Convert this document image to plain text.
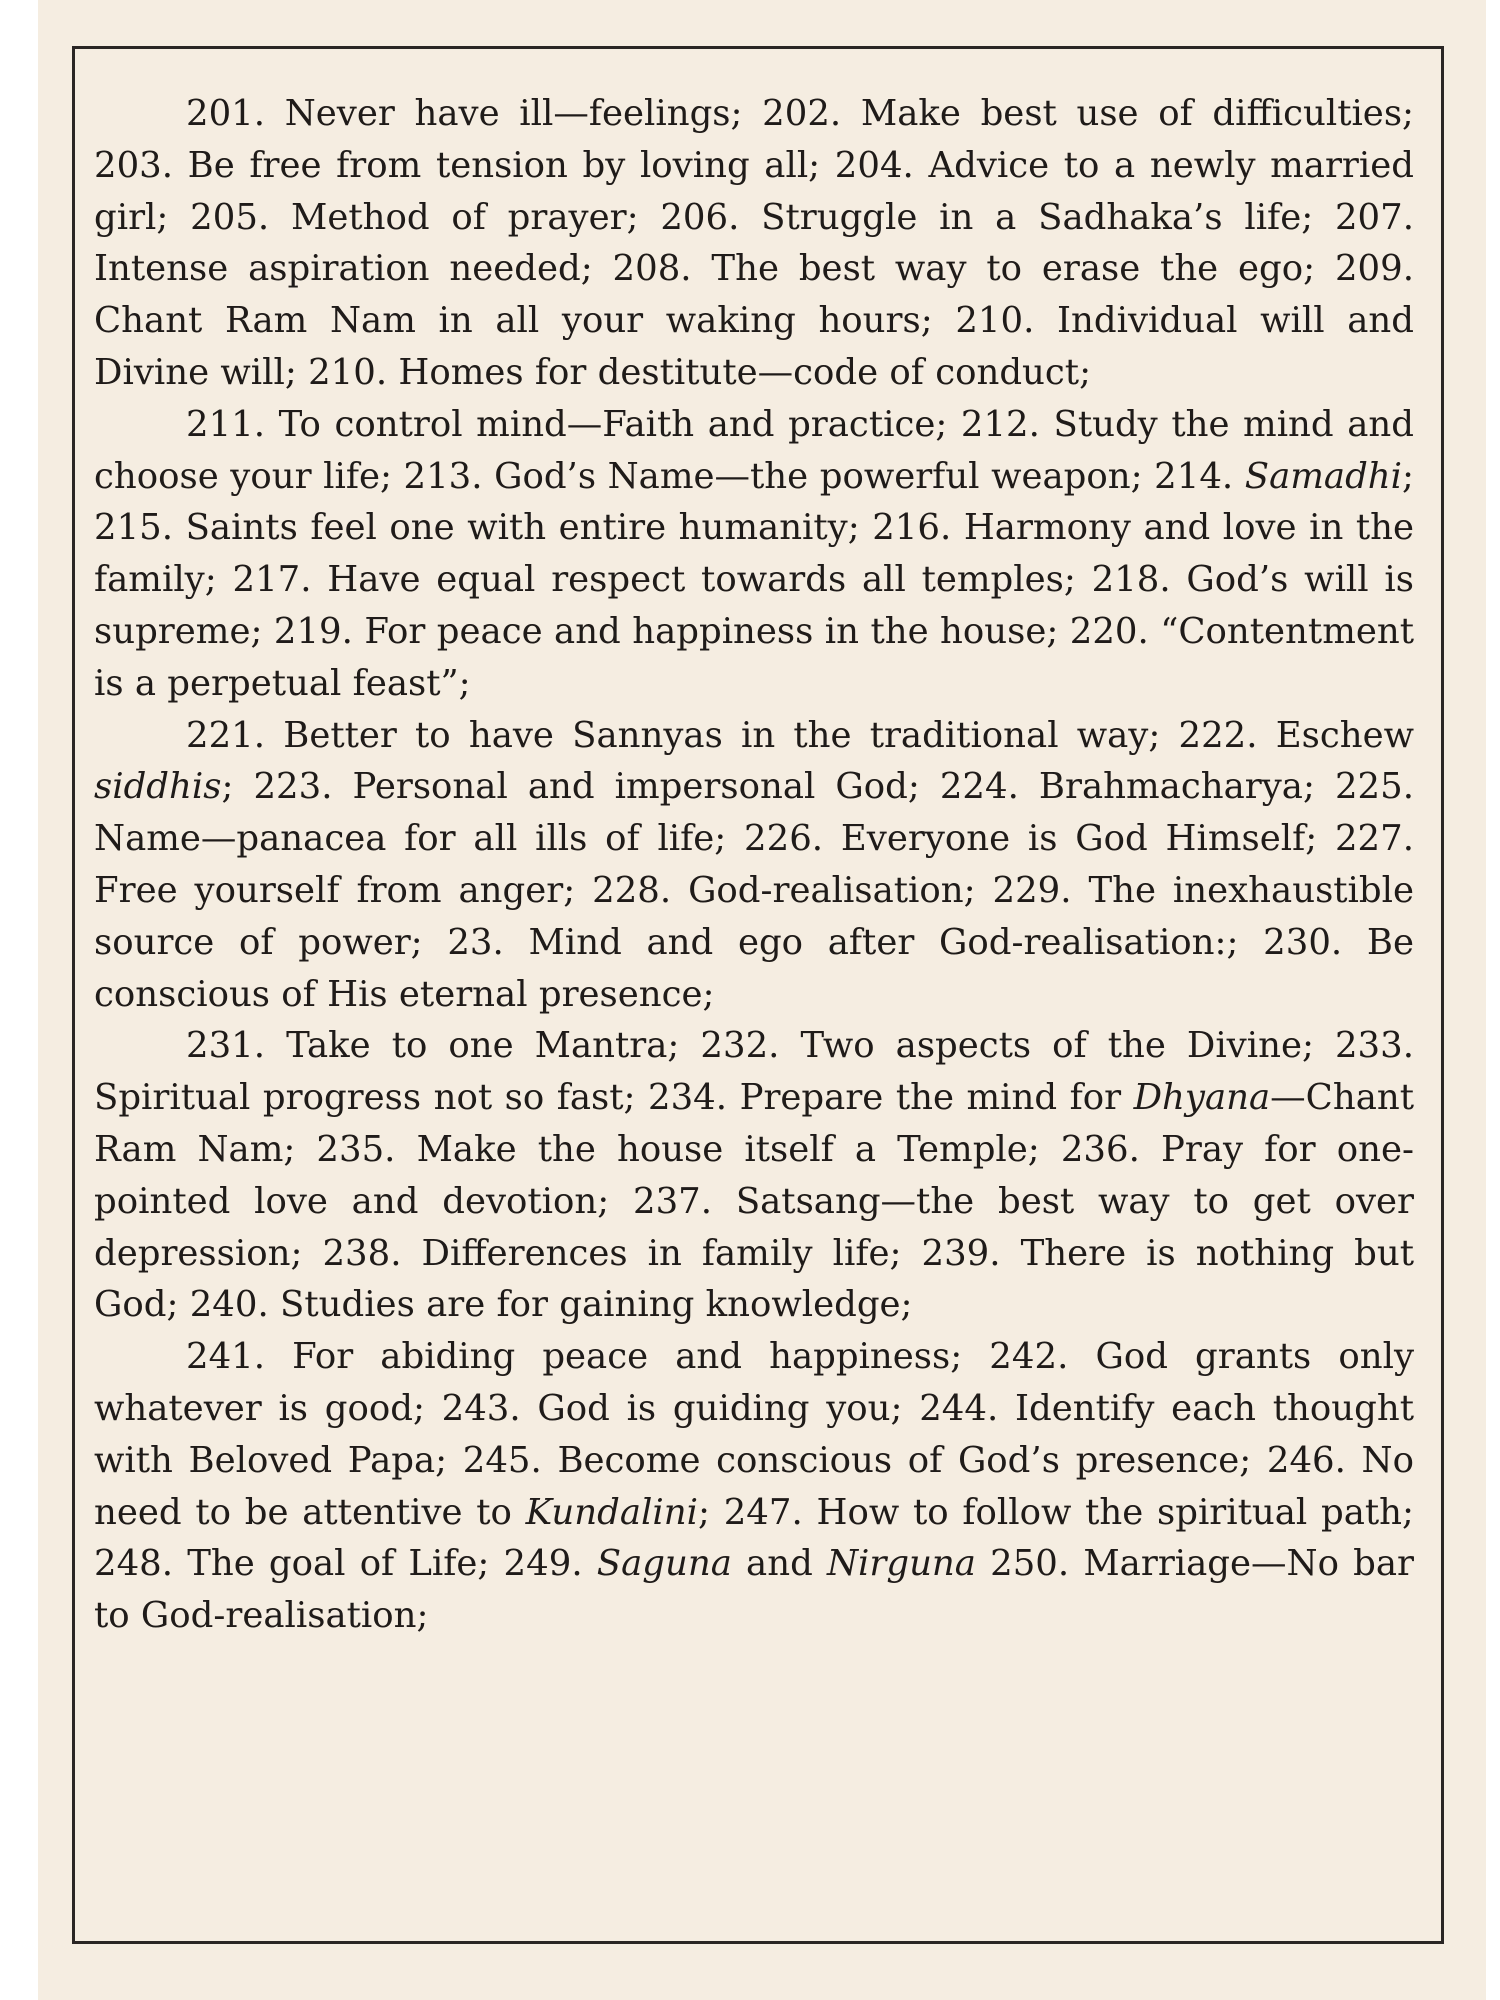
201. Never have ill—feelings; 202. Make best use of difficulties; 203. Be free from tension by loving all; 204. Advice to a newly married girl; 205. Method of prayer; 206. Struggle in a Sadhaka’s life; 207. Intense aspiration needed; 208. The best way to erase the ego; 209. Chant Ram Nam in all your waking hours; 210. Individual will and Divine will; 210. Homes for destitute—code of conduct;

211. To control mind—Faith and practice; 212. Study the mind and choose your life; 213. God’s Name—the powerful weapon; 214. Samadhi; 215. Saints feel one with entire humanity; 216. Harmony and love in the family; 217. Have equal respect towards all temples; 218. God’s will is supreme; 219. For peace and happiness in the house; 220. “Contentment is a perpetual feast”;

221. Better to have Sannyas in the traditional way; 222. Eschew siddhis; 223. Personal and impersonal God; 224. Brahmacharya; 225. Name—panacea for all ills of life; 226. Everyone is God Himself; 227. Free yourself from anger; 228. God-realisation; 229. The inexhaustible source of power; 23. Mind and ego after God-realisation:; 230. Be conscious of His eternal presence;

231. Take to one Mantra; 232. Two aspects of the Divine; 233. Spiritual progress not so fast; 234. Prepare the mind for Dhyana—Chant Ram Nam; 235. Make the house itself a Temple; 236. Pray for one-pointed love and devotion; 237. Satsang—the best way to get over depression; 238. Differences in family life; 239. There is nothing but God; 240. Studies are for gaining knowledge;

241. For abiding peace and happiness; 242. God grants only whatever is good; 243. God is guiding you; 244. Identify each thought with Beloved Papa; 245. Become conscious of God’s presence; 246. No need to be attentive to Kundalini; 247. How to follow the spiritual path; 248. The goal of Life; 249. Saguna and Nirguna 250. Marriage—No bar to God-realisation;
